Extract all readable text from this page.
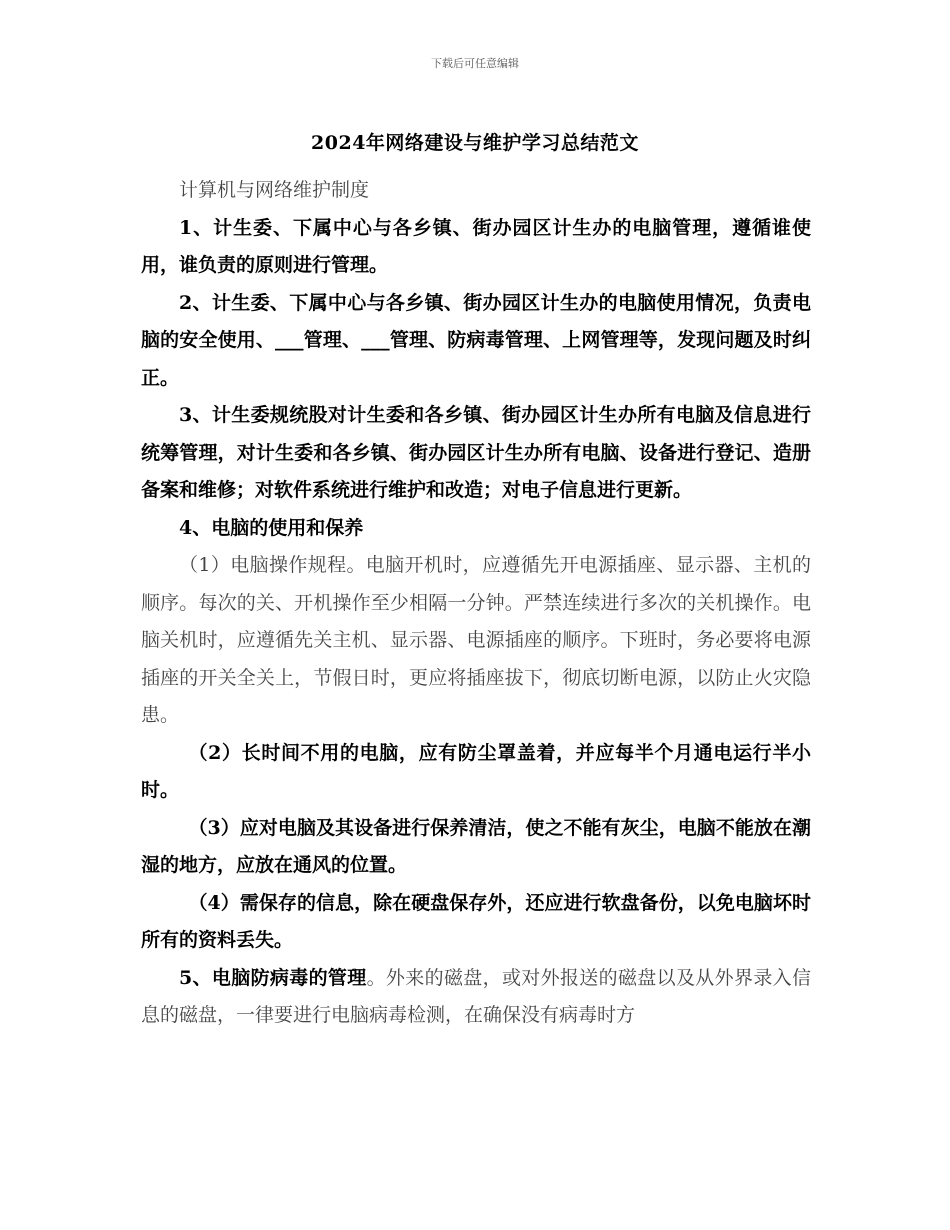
下载后可任意编辑
2024年网络建设与维护学习总结范文

计算机与网络维护制度

1、计生委、下属中心与各乡镇、街办园区计生办的电脑管理，遵循谁使用，谁负责的原则进行管理。

2、计生委、下属中心与各乡镇、街办园区计生办的电脑使用情况，负责电脑的安全使用、___管理、___管理、防病毒管理、上网管理等，发现问题及时纠正。

3、计生委规统股对计生委和各乡镇、街办园区计生办所有电脑及信息进行统筹管理，对计生委和各乡镇、街办园区计生办所有电脑、设备进行登记、造册备案和维修；对软件系统进行维护和改造；对电子信息进行更新。

4、电脑的使用和保养

（1）电脑操作规程。电脑开机时，应遵循先开电源插座、显示器、主机的顺序。每次的关、开机操作至少相隔一分钟。严禁连续进行多次的关机操作。电脑关机时，应遵循先关主机、显示器、电源插座的顺序。下班时，务必要将电源插座的开关全关上，节假日时，更应将插座拔下，彻底切断电源，以防止火灾隐患。

（2）长时间不用的电脑，应有防尘罩盖着，并应每半个月通电运行半小时。

（3）应对电脑及其设备进行保养清洁，使之不能有灰尘，电脑不能放在潮湿的地方，应放在通风的位置。

（4）需保存的信息，除在硬盘保存外，还应进行软盘备份，以免电脑坏时所有的资料丢失。

5、电脑防病毒的管理。外来的磁盘，或对外报送的磁盘以及从外界录入信息的磁盘，一律要进行电脑病毒检测，在确保没有病毒时方
